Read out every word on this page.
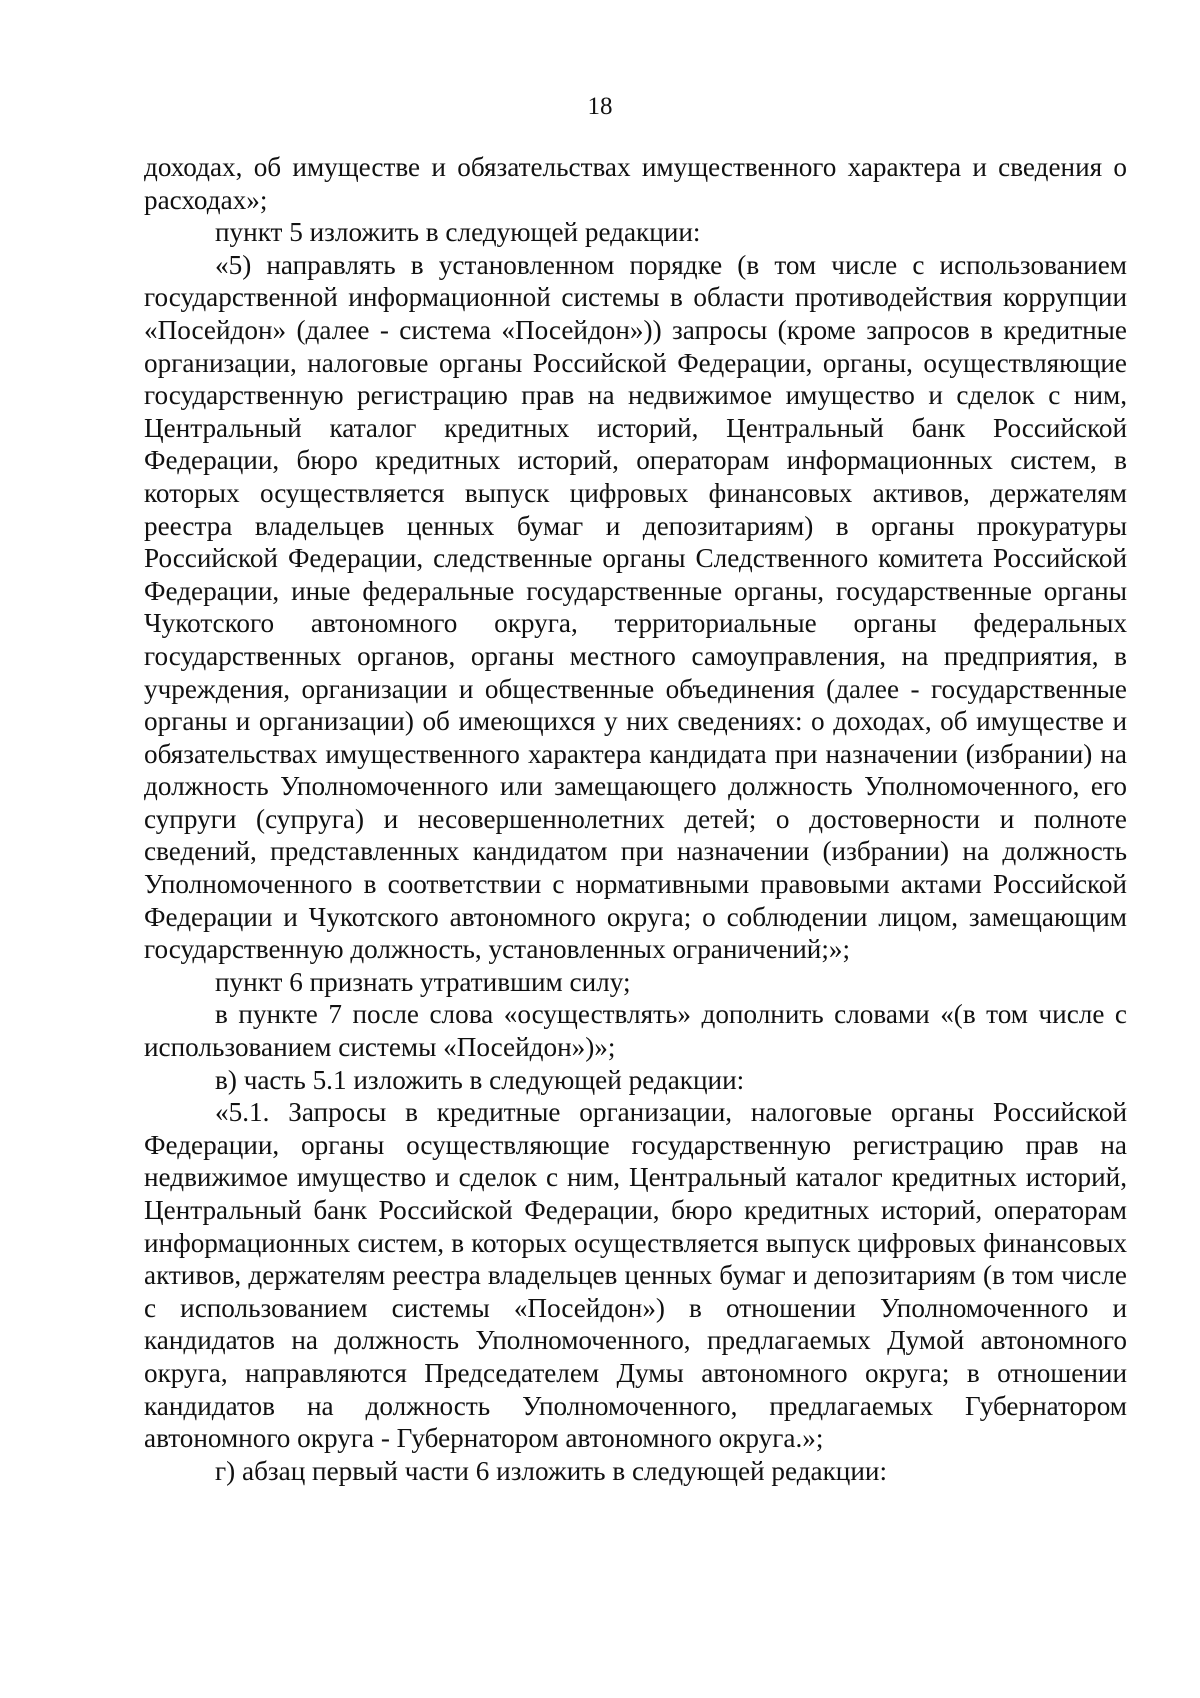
18

доходах, об имуществе и обязательствах имущественного характера и сведения о расходах»;

пункт 5 изложить в следующей редакции:

«5) направлять в установленном порядке (в том числе с использованием государственной информационной системы в области противодействия коррупции «Посейдон» (далее - система «Посейдон»)) запросы (кроме запросов в кредитные организации, налоговые органы Российской Федерации, органы, осуществляющие государственную регистрацию прав на недвижимое имущество и сделок с ним, Центральный каталог кредитных историй, Центральный банк Российской Федерации, бюро кредитных историй, операторам информационных систем, в которых осуществляется выпуск цифровых финансовых активов, держателям реестра владельцев ценных бумаг и депозитариям) в органы прокуратуры Российской Федерации, следственные органы Следственного комитета Российской Федерации, иные федеральные государственные органы, государственные органы Чукотского автономного округа, территориальные органы федеральных государственных органов, органы местного самоуправления, на предприятия, в учреждения, организации и общественные объединения (далее - государственные органы и организации) об имеющихся у них сведениях: о доходах, об имуществе и обязательствах имущественного характера кандидата при назначении (избрании) на должность Уполномоченного или замещающего должность Уполномоченного, его супруги (супруга) и несовершеннолетних детей; о достоверности и полноте сведений, представленных кандидатом при назначении (избрании) на должность Уполномоченного в соответствии с нормативными правовыми актами Российской Федерации и Чукотского автономного округа; о соблюдении лицом, замещающим государственную должность, установленных ограничений;»;

пункт 6 признать утратившим силу;

в пункте 7 после слова «осуществлять» дополнить словами «(в том числе с использованием системы «Посейдон»)»;

в) часть 5.1 изложить в следующей редакции:

«5.1. Запросы в кредитные организации, налоговые органы Российской Федерации, органы осуществляющие государственную регистрацию прав на недвижимое имущество и сделок с ним, Центральный каталог кредитных историй, Центральный банк Российской Федерации, бюро кредитных историй, операторам информационных систем, в которых осуществляется выпуск цифровых финансовых активов, держателям реестра владельцев ценных бумаг и депозитариям (в том числе с использованием системы «Посейдон») в отношении Уполномоченного и кандидатов на должность Уполномоченного, предлагаемых Думой автономного округа, направляются Председателем Думы автономного округа; в отношении кандидатов на должность Уполномоченного, предлагаемых Губернатором автономного округа - Губернатором автономного округа.»;

г) абзац первый части 6 изложить в следующей редакции:
